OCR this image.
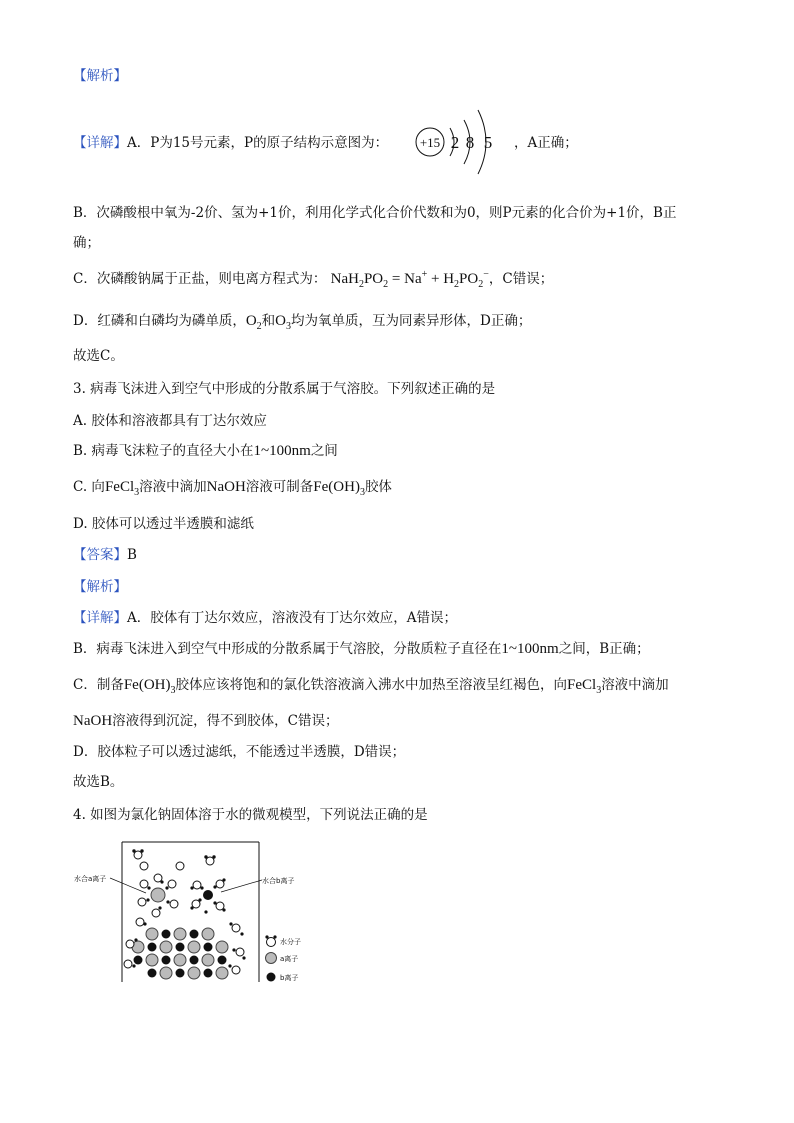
【解析】
【详解】A．P为15号元素，P的原子结构示意图为： +15 2 8 5 ，A正确；
B．次磷酸根中氧为-2价、氢为+1价，利用化学式化合价代数和为0，则P元素的化合价为+1价，B正
确；
C．次磷酸钠属于正盐，则电离方程式为： $NaH_2PO_2 = Na^+ + H_2PO_2^-$，C错误；
D．红磷和白磷均为磷单质，$O_2$和$O_3$均为氧单质，互为同素异形体，D正确；
故选C。
3. 病毒飞沫进入到空气中形成的分散系属于气溶胶。下列叙述正确的是
A. 胶体和溶液都具有丁达尔效应
B. 病毒飞沫粒子的直径大小在1~100nm之间
C. 向FeCl$_3$溶液中滴加NaOH溶液可制备$Fe(OH)_3$胶体
D. 胶体可以透过半透膜和滤纸
【答案】B
【解析】
【详解】A．胶体有丁达尔效应，溶液没有丁达尔效应，A错误；
B．病毒飞沫进入到空气中形成的分散系属于气溶胶，分散质粒子直径在1~100nm之间，B正确；
C．制备$Fe(OH)_3$胶体应该将饱和的氯化铁溶液滴入沸水中加热至溶液呈红褐色，向FeCl$_3$溶液中滴加
NaOH溶液得到沉淀，得不到胶体，C错误；
D．胶体粒子可以透过滤纸，不能透过半透膜，D错误；
故选B。
4. 如图为氯化钠固体溶于水的微观模型，下列说法正确的是
水合a离子	水合b离子
水分子
a离子
b离子
